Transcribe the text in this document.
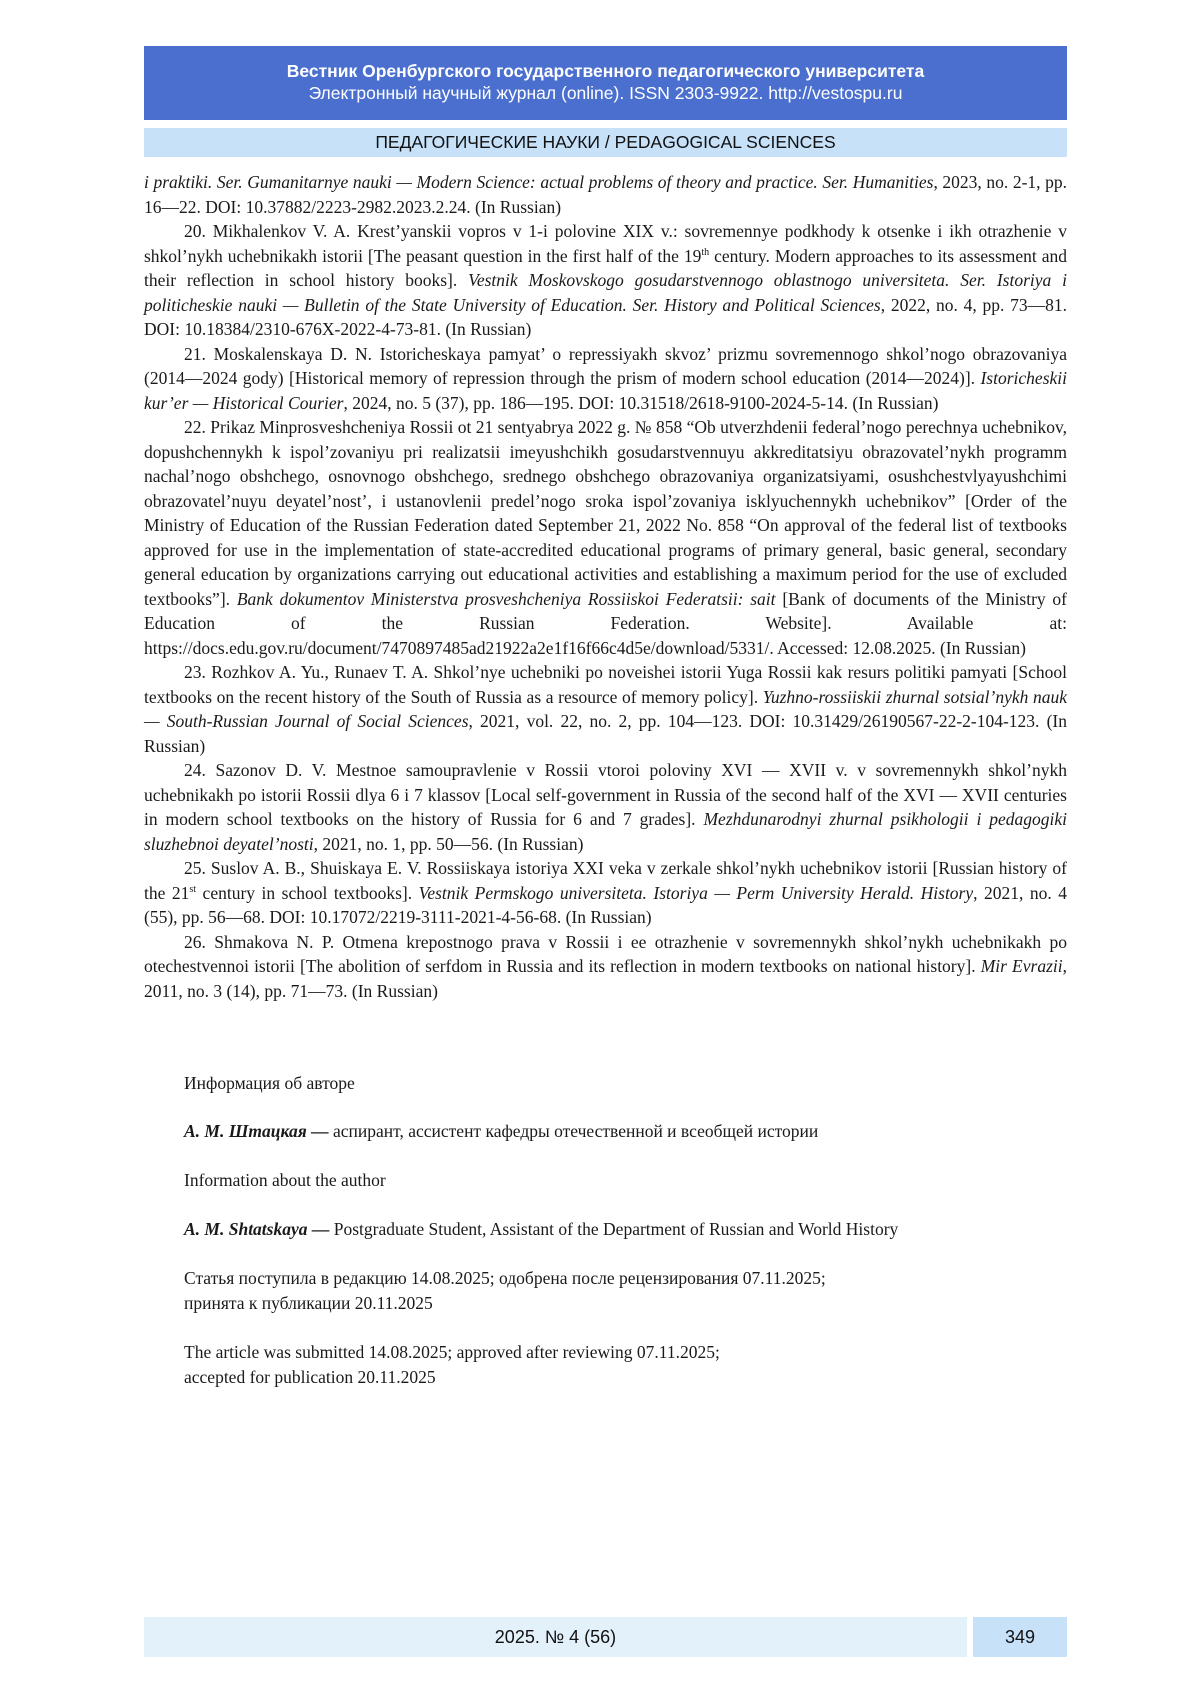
Вестник Оренбургского государственного педагогического университета
Электронный научный журнал (online). ISSN 2303-9922. http://vestospu.ru
ПЕДАГОГИЧЕСКИЕ НАУКИ / PEDAGOGICAL SCIENCES

i praktiki. Ser. Gumanitarnye nauki — Modern Science: actual problems of theory and practice. Ser. Humanities, 2023, no. 2-1, pp. 16—22. DOI: 10.37882/2223-2982.2023.2.24. (In Russian)

20. Mikhalenkov V. A. Krest’yanskii vopros v 1-i polovine XIX v.: sovremennye podkhody k otsenke i ikh otrazhenie v shkol’nykh uchebnikakh istorii [The peasant question in the first half of the 19th century. Modern approaches to its assessment and their reflection in school history books]. Vestnik Moskovskogo gosudarstvennogo oblastnogo universiteta. Ser. Istoriya i politicheskie nauki — Bulletin of the State University of Education. Ser. History and Political Sciences, 2022, no. 4, pp. 73—81. DOI: 10.18384/2310-676X-2022-4-73-81. (In Russian)

21. Moskalenskaya D. N. Istoricheskaya pamyat’ o repressiyakh skvoz’ prizmu sovremennogo shkol’nogo obrazovaniya (2014—2024 gody) [Historical memory of repression through the prism of modern school education (2014—2024)]. Istoricheskii kur’er — Historical Courier, 2024, no. 5 (37), pp. 186—195. DOI: 10.31518/2618-9100-2024-5-14. (In Russian)

22. Prikaz Minprosveshcheniya Rossii ot 21 sentyabrya 2022 g. № 858 “Ob utverzhdenii federal’nogo perechnya uchebnikov, dopushchennykh k ispol’zovaniyu pri realizatsii imeyushchikh gosudarstvennuyu akkreditatsiyu obrazovatel’nykh programm nachal’nogo obshchego, osnovnogo obshchego, srednego obshchego obrazovaniya organizatsiyami, osushchestvlyayushchimi obrazovatel’nuyu deyatel’nost’, i ustanovlenii predel’nogo sroka ispol’zovaniya isklyuchennykh uchebnikov” [Order of the Ministry of Education of the Russian Federation dated September 21, 2022 No. 858 “On approval of the federal list of textbooks approved for use in the implementation of state-accredited educational programs of primary general, basic general, secondary general education by organizations carrying out educational activities and establishing a maximum period for the use of excluded textbooks”]. Bank dokumentov Ministerstva prosveshcheniya Rossiiskoi Federatsii: sait [Bank of documents of the Ministry of Education of the Russian Federation. Website]. Available at: https://docs.edu.gov.ru/document/7470897485ad21922a2e1f16f66c4d5e/download/5331/. Accessed: 12.08.2025. (In Russian)

23. Rozhkov A. Yu., Runaev T. A. Shkol’nye uchebniki po noveishei istorii Yuga Rossii kak resurs politiki pamyati [School textbooks on the recent history of the South of Russia as a resource of memory policy]. Yuzhno-rossiiskii zhurnal sotsial’nykh nauk — South-Russian Journal of Social Sciences, 2021, vol. 22, no. 2, pp. 104—123. DOI: 10.31429/26190567-22-2-104-123. (In Russian)

24. Sazonov D. V. Mestnoe samoupravlenie v Rossii vtoroi poloviny XVI — XVII v. v sovremennykh shkol’nykh uchebnikakh po istorii Rossii dlya 6 i 7 klassov [Local self-government in Russia of the second half of the XVI — XVII centuries in modern school textbooks on the history of Russia for 6 and 7 grades]. Mezhdunarodnyi zhurnal psikhologii i pedagogiki sluzhebnoi deyatel’nosti, 2021, no. 1, pp. 50—56. (In Russian)

25. Suslov A. B., Shuiskaya E. V. Rossiiskaya istoriya XXI veka v zerkale shkol’nykh uchebnikov istorii [Russian history of the 21st century in school textbooks]. Vestnik Permskogo universiteta. Istoriya — Perm University Herald. History, 2021, no. 4 (55), pp. 56—68. DOI: 10.17072/2219-3111-2021-4-56-68. (In Russian)

26. Shmakova N. P. Otmena krepostnogo prava v Rossii i ee otrazhenie v sovremennykh shkol’nykh uchebnikakh po otechestvennoi istorii [The abolition of serfdom in Russia and its reflection in modern textbooks on national history]. Mir Evrazii, 2011, no. 3 (14), pp. 71—73. (In Russian)

Информация об авторе
А. М. Штацкая — аспирант, ассистент кафедры отечественной и всеобщей истории
Information about the author
A. M. Shtatskaya — Postgraduate Student, Assistant of the Department of Russian and World History
Статья поступила в редакцию 14.08.2025; одобрена после рецензирования 07.11.2025;
принята к публикации 20.11.2025
The article was submitted 14.08.2025; approved after reviewing 07.11.2025;
accepted for publication 20.11.2025
2025. № 4 (56)	349
